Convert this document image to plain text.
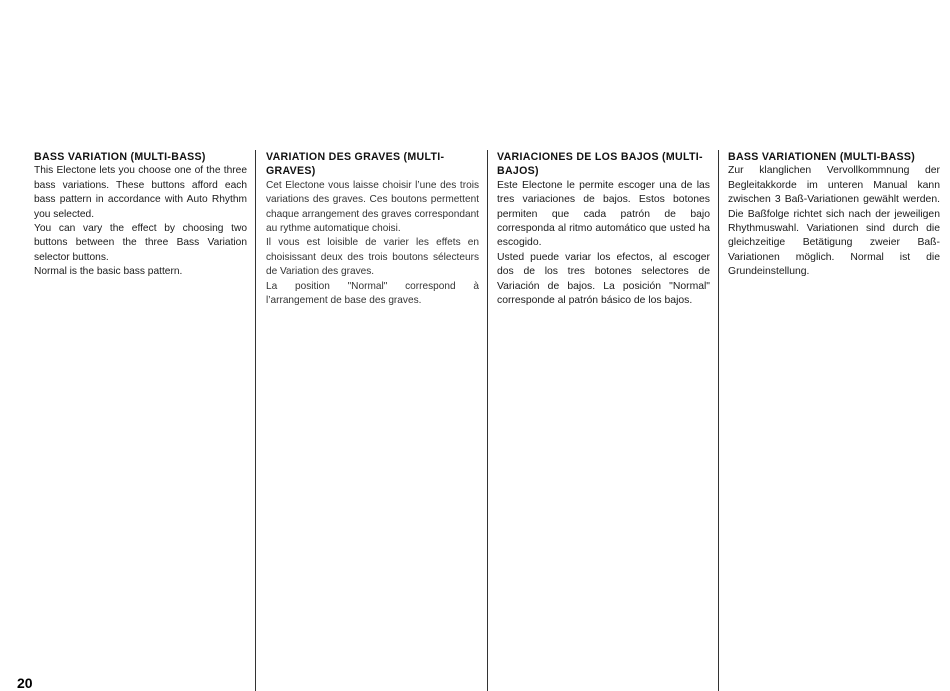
BASS VARIATION (MULTI-BASS)

This Electone lets you choose one of the three bass variations. These buttons afford each bass pattern in accordance with Auto Rhythm you selected.

You can vary the effect by choosing two buttons between the three Bass Variation selector buttons.

Normal is the basic bass pattern.

VARIATION DES GRAVES (MULTI-GRAVES)

Cet Electone vous laisse choisir l’une des trois variations des graves. Ces boutons permettent chaque arrangement des graves correspondant au rythme automatique choisi.

Il vous est loisible de varier les effets en choisissant deux des trois boutons sélecteurs de Variation des graves.

La position "Normal" correspond à l’arrangement de base des graves.

VARIACIONES DE LOS BAJOS (MULTI-BAJOS)

Este Electone le permite escoger una de las tres variaciones de bajos. Estos botones permiten que cada patrón de bajo corresponda al ritmo automático que usted ha escogido.

Usted puede variar los efectos, al escoger dos de los tres botones selectores de Variación de bajos. La posición "Normal" corresponde al patrón básico de los bajos.

BASS VARIATIONEN (MULTI-BASS)

Zur klanglichen Vervollkommnung der Begleitakkorde im unteren Manual kann zwischen 3 Baß-Variationen gewählt werden. Die Baßfolge richtet sich nach der jeweiligen Rhythmuswahl. Variationen sind durch die gleichzeitige Betätigung zweier Baß-Variationen möglich. Normal ist die Grundeinstellung.

20
